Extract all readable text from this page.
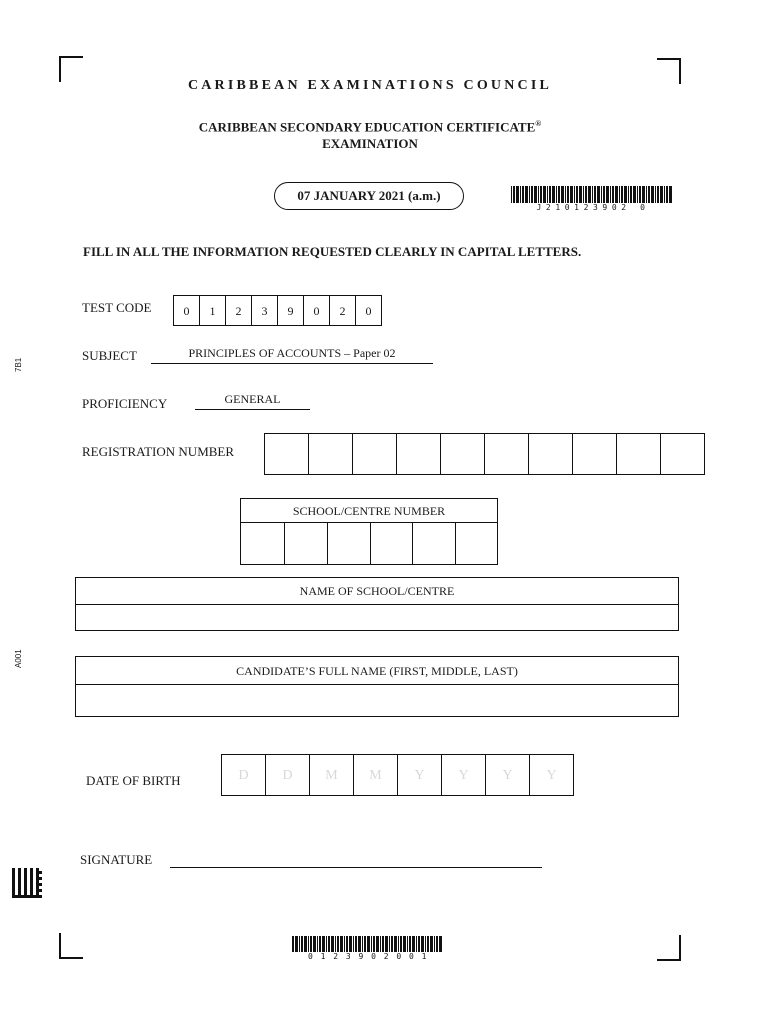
7B1
A001
CARIBBEAN EXAMINATIONS COUNCIL
CARIBBEAN SECONDARY EDUCATION CERTIFICATE®
EXAMINATION
07 JANUARY 2021 (a.m.)
J210123902 0
FILL IN ALL THE INFORMATION REQUESTED CLEARLY IN CAPITAL LETTERS.
TEST CODE	0	1	2	3	9	0	2	0
SUBJECT	PRINCIPLES OF ACCOUNTS – Paper 02
PROFICIENCY	GENERAL
REGISTRATION NUMBER
SCHOOL/CENTRE NUMBER
NAME OF SCHOOL/CENTRE
CANDIDATE’S FULL NAME (FIRST, MIDDLE, LAST)
DATE OF BIRTH	D	D	M	M	Y	Y	Y	Y
SIGNATURE
0 1 2 3 9 0 2 0 0 1
